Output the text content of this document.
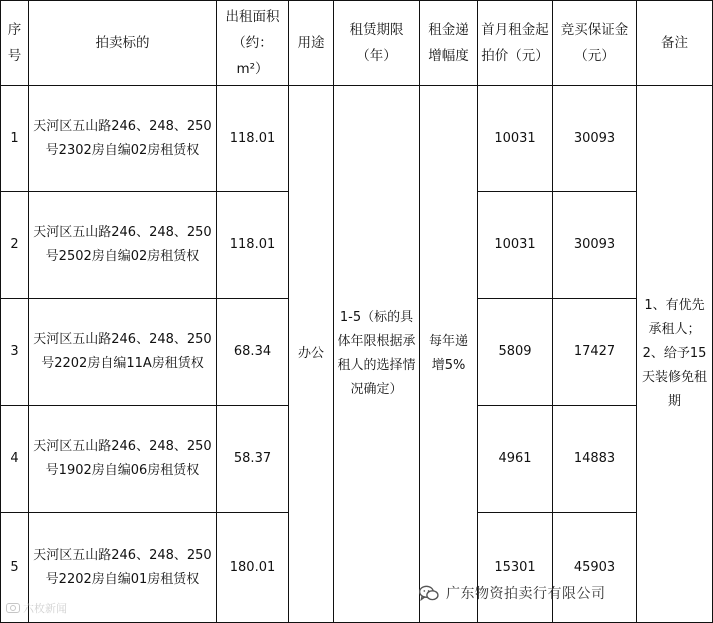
序号	拍卖标的	出租面积（约：m²）	用途	租赁期限（年）	租金递增幅度	首月租金起拍价（元）	竞买保证金（元）	备注
1	天河区五山路246、248、250号2302房自编02房租赁权	118.01	办公	1-5（标的具体年限根据承租人的选择情况确定）	每年递增5%	10031	30093	1、有优先承租人；2、给予15天装修免租期
2	天河区五山路246、248、250号2502房自编02房租赁权	118.01				10031	30093	
3	天河区五山路246、248、250号2202房自编11A房租赁权	68.34				5809	17427	
4	天河区五山路246、248、250号1902房自编06房租赁权	58.37				4961	14883	
5	天河区五山路246、248、250号2202房自编01房租赁权	180.01				15301	45903	
六枚新闻
广东物资拍卖行有限公司
